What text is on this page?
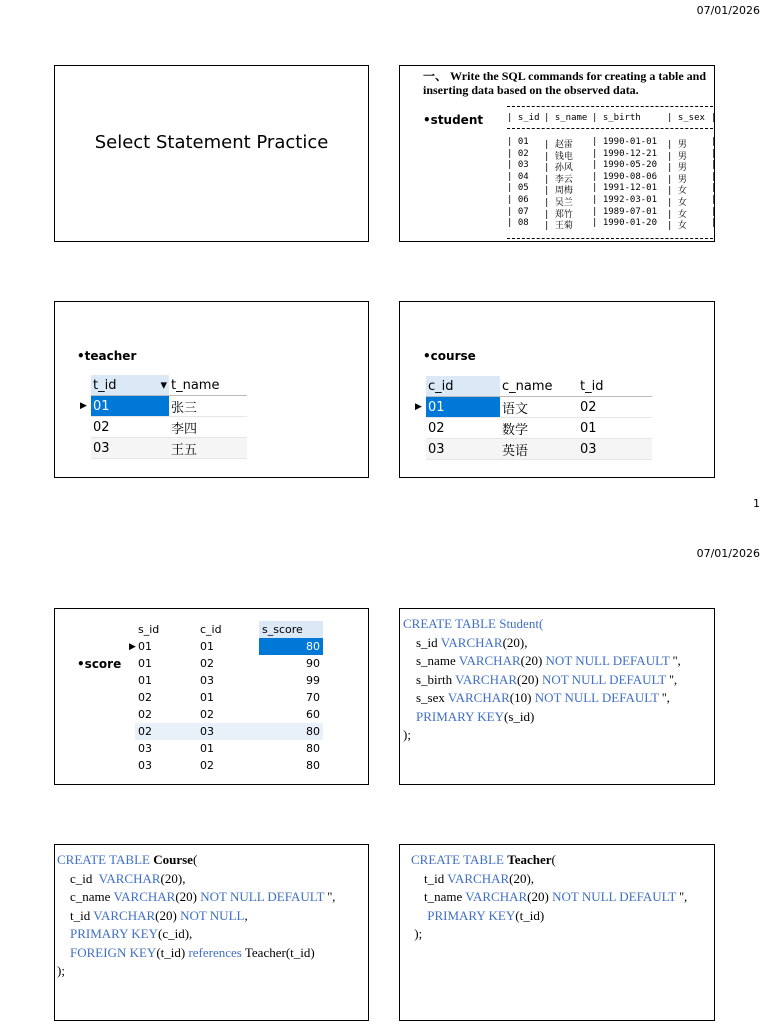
07/01/2026
Select Statement Practice
一、 Write the SQL commands for creating a table and inserting data based on the observed data.
•student	| s_id | s_name | s_birth	| s_sex |
| 01	| 赵雷	| 1990-01-01	| 男	|
| 02	| 钱电	| 1990-12-21	| 男	|
| 03	| 孙风	| 1990-05-20	| 男	|
| 04	| 李云	| 1990-08-06	| 男	|
| 05	| 周梅	| 1991-12-01	| 女	|
| 06	| 吴兰	| 1992-03-01	| 女	|
| 07	| 郑竹	| 1989-07-01	| 女	|
| 08	| 王菊	| 1990-01-20	| 女	|
•teacher
t_id ▾	t_name

▶ 01	张三
02	李四
03	王五
•course
c_id	c_name	t_id

▶ 01	语文	02
02	数学	01
03	英语	03
1
07/01/2026
•score
s_id	c_id	s_score

▶ 01	01	80
01	02	90
01	03	99
02	01	70
02	02	60
02	03	80
03	01	80
03	02	80
CREATE TABLE Student(
s_id VARCHAR(20),
s_name VARCHAR(20) NOT NULL DEFAULT '',
s_birth VARCHAR(20) NOT NULL DEFAULT '',
s_sex VARCHAR(10) NOT NULL DEFAULT '',
PRIMARY KEY(s_id)
);
CREATE TABLE Course(
c_id  VARCHAR(20),
c_name VARCHAR(20) NOT NULL DEFAULT '',
t_id VARCHAR(20) NOT NULL,
PRIMARY KEY(c_id),
FOREIGN KEY(t_id) references Teacher(t_id)
);
CREATE TABLE Teacher(
t_id VARCHAR(20),
t_name VARCHAR(20) NOT NULL DEFAULT '',
PRIMARY KEY(t_id)
);
